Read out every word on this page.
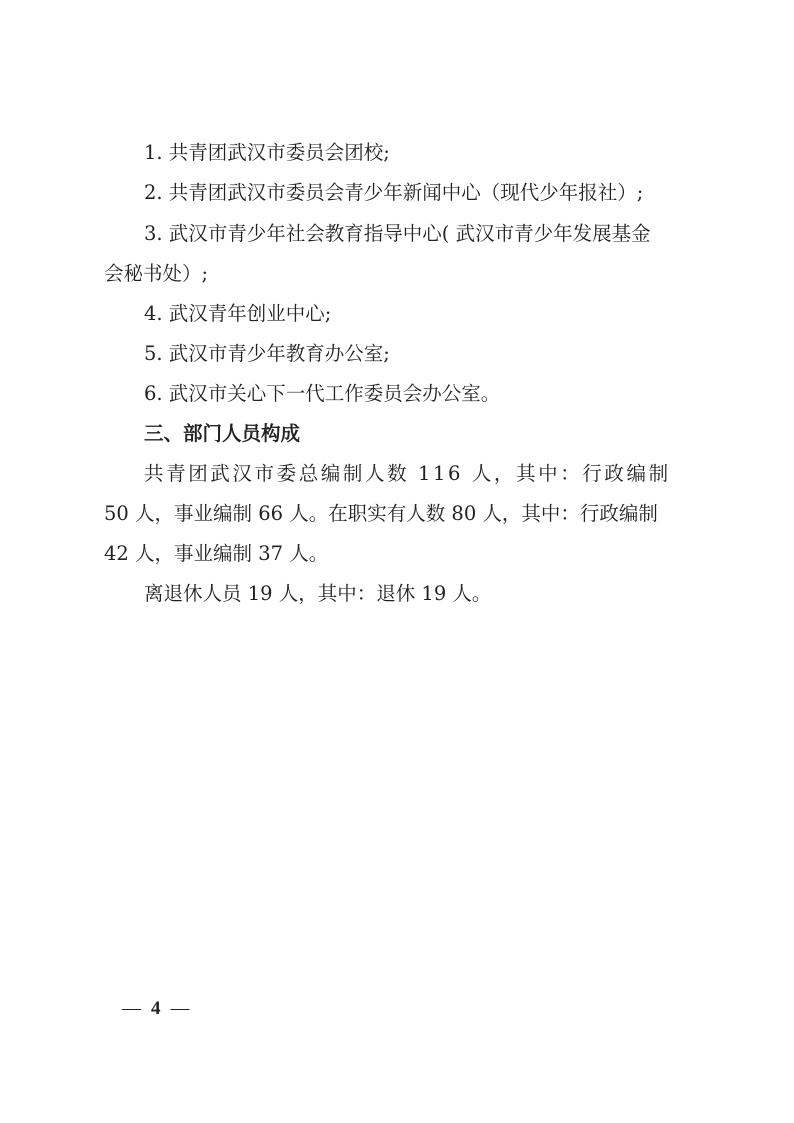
1. 共青团武汉市委员会团校;
2. 共青团武汉市委员会青少年新闻中心（现代少年报社）;
3. 武汉市青少年社会教育指导中心( 武汉市青少年发展基金
会秘书处）;
4. 武汉青年创业中心;
5. 武汉市青少年教育办公室;
6. 武汉市关心下一代工作委员会办公室。
三、部门人员构成
共青团武汉市委总编制人数 116 人，其中：行政编制
50 人，事业编制 66 人。在职实有人数 80 人，其中：行政编制
42 人，事业编制 37 人。
离退休人员 19 人，其中：退休 19 人。
— 4 —
